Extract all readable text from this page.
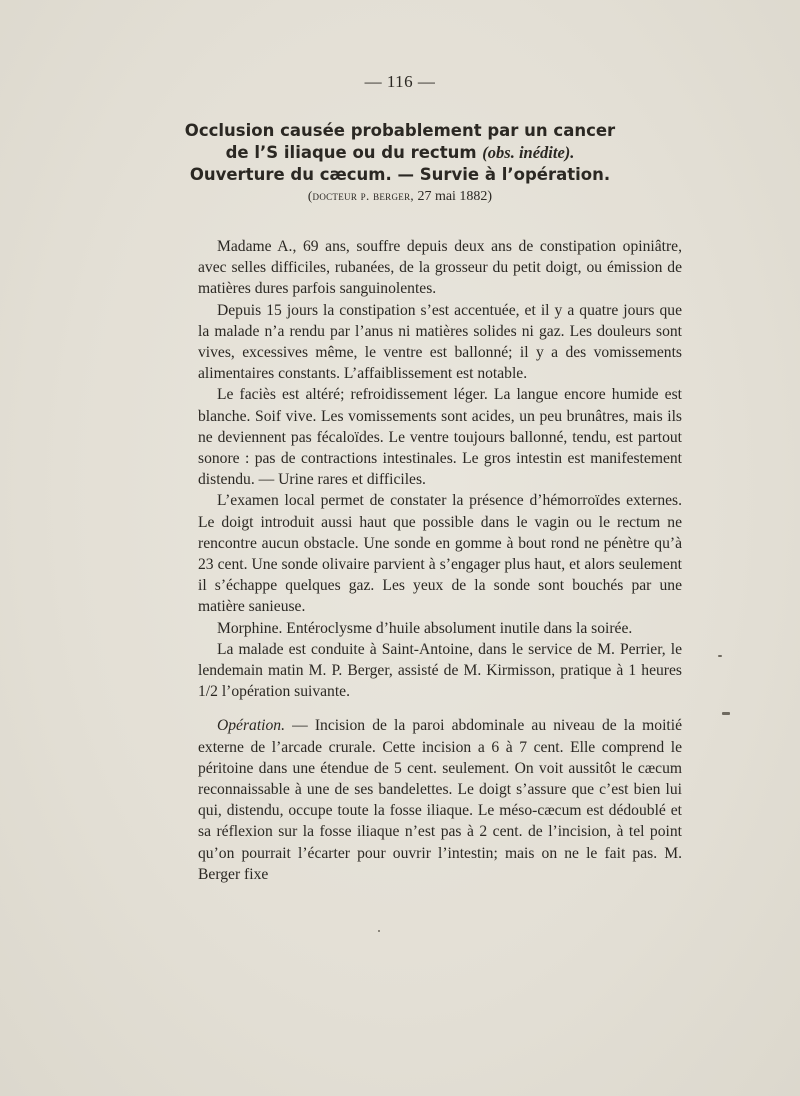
— 116 —
Occlusion causée probablement par un cancer
de l’S iliaque ou du rectum (obs. inédite).
Ouverture du cæcum. — Survie à l’opération.
(docteur p. berger, 27 mai 1882)

Madame A., 69 ans, souffre depuis deux ans de constipation opiniâtre, avec selles difficiles, rubanées, de la grosseur du petit doigt, ou émission de matières dures parfois sanguinolentes.

Depuis 15 jours la constipation s’est accentuée, et il y a quatre jours que la malade n’a rendu par l’anus ni matières solides ni gaz. Les douleurs sont vives, excessives même, le ventre est ballonné; il y a des vomissements alimentaires constants. L’affaiblissement est notable.

Le faciès est altéré; refroidissement léger. La langue encore humide est blanche. Soif vive. Les vomissements sont acides, un peu brunâtres, mais ils ne deviennent pas fécaloïdes. Le ventre toujours ballonné, tendu, est partout sonore : pas de contractions intestinales. Le gros intestin est manifestement distendu. — Urine rares et difficiles.

L’examen local permet de constater la présence d’hémorroïdes externes. Le doigt introduit aussi haut que possible dans le vagin ou le rectum ne rencontre aucun obstacle. Une sonde en gomme à bout rond ne pénètre qu’à 23 cent. Une sonde olivaire parvient à s’engager plus haut, et alors seulement il s’échappe quelques gaz. Les yeux de la sonde sont bouchés par une matière sanieuse.

Morphine. Entéroclysme d’huile absolument inutile dans la soirée.

La malade est conduite à Saint-Antoine, dans le service de M. Perrier, le lendemain matin M. P. Berger, assisté de M. Kirmisson, pratique à 1 heures 1/2 l’opération suivante.

Opération. — Incision de la paroi abdominale au niveau de la moitié externe de l’arcade crurale. Cette incision a 6 à 7 cent. Elle comprend le péritoine dans une étendue de 5 cent. seulement. On voit aussitôt le cæcum reconnaissable à une de ses bandelettes. Le doigt s’assure que c’est bien lui qui, distendu, occupe toute la fosse iliaque. Le méso-cæcum est dédoublé et sa réflexion sur la fosse iliaque n’est pas à 2 cent. de l’incision, à tel point qu’on pourrait l’écarter pour ouvrir l’intestin; mais on ne le fait pas. M. Berger fixe
